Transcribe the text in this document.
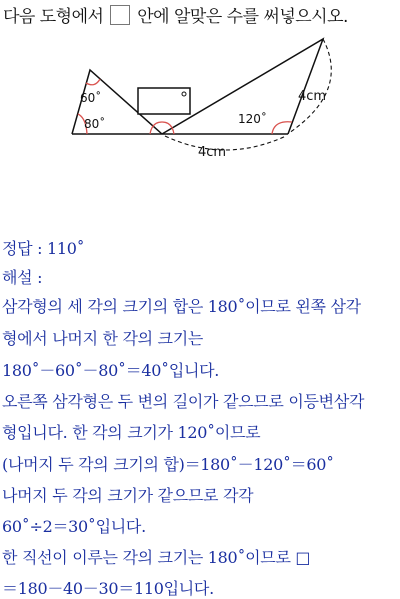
다음 도형에서 안에 알맞은 수를 써넣으시오.
60˚
80˚	120˚
4cm
4cm
정답 : 110˚
해설 :
삼각형의 세 각의 크기의 합은 180˚이므로 왼쪽 삼각
형에서 나머지 한 각의 크기는
180˚－60˚－80˚＝40˚입니다.
오른쪽 삼각형은 두 변의 길이가 같으므로 이등변삼각
형입니다. 한 각의 크기가 120˚이므로
(나머지 두 각의 크기의 합)＝180˚－120˚＝60˚
나머지 두 각의 크기가 같으므로 각각
60˚÷2＝30˚입니다.
한 직선이 이루는 각의 크기는 180˚이므로 □
＝180－40－30＝110입니다.
